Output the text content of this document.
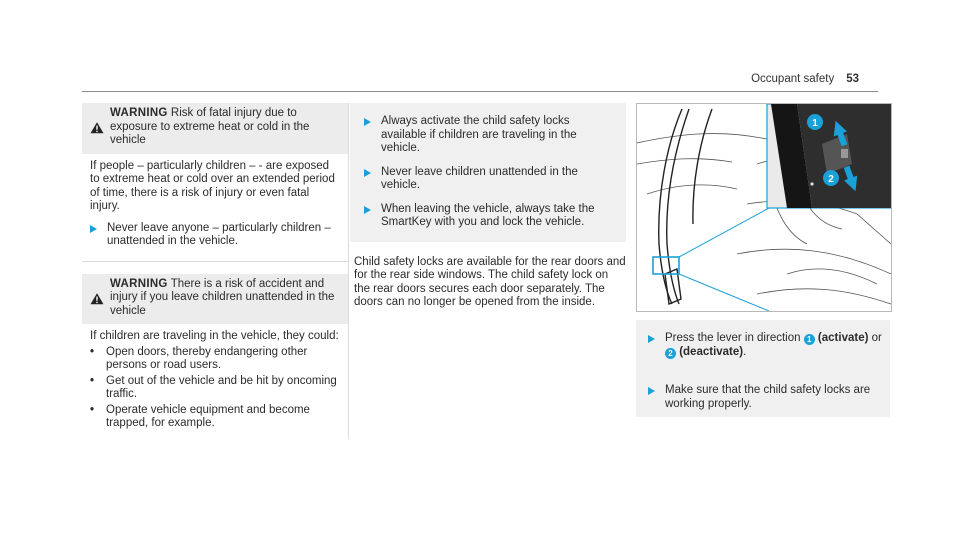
Occupant safety 53
WARNING Risk of fatal injury due to exposure to extreme heat or cold in the vehicle
If people – particularly children – - are exposed to extreme heat or cold over an extended period of time, there is a risk of injury or even fatal injury.
Never leave anyone – particularly children – unattended in the vehicle.
WARNING There is a risk of accident and injury if you leave children unattended in the vehicle
If children are traveling in the vehicle, they could:
•	Open doors, thereby endangering other persons or road users.
•	Get out of the vehicle and be hit by oncoming traffic.
•	Operate vehicle equipment and become trapped, for example.
Always activate the child safety locks available if children are traveling in the vehicle.
Never leave children unattended in the vehicle.
When leaving the vehicle, always take the SmartKey with you and lock the vehicle.
Child safety locks are available for the rear doors and for the rear side windows. The child safety lock on the rear doors secures each door separately. The doors can no longer be opened from the inside.
1
2
Press the lever in direction 1 (activate) or
2 (deactivate).
Make sure that the child safety locks are working properly.
